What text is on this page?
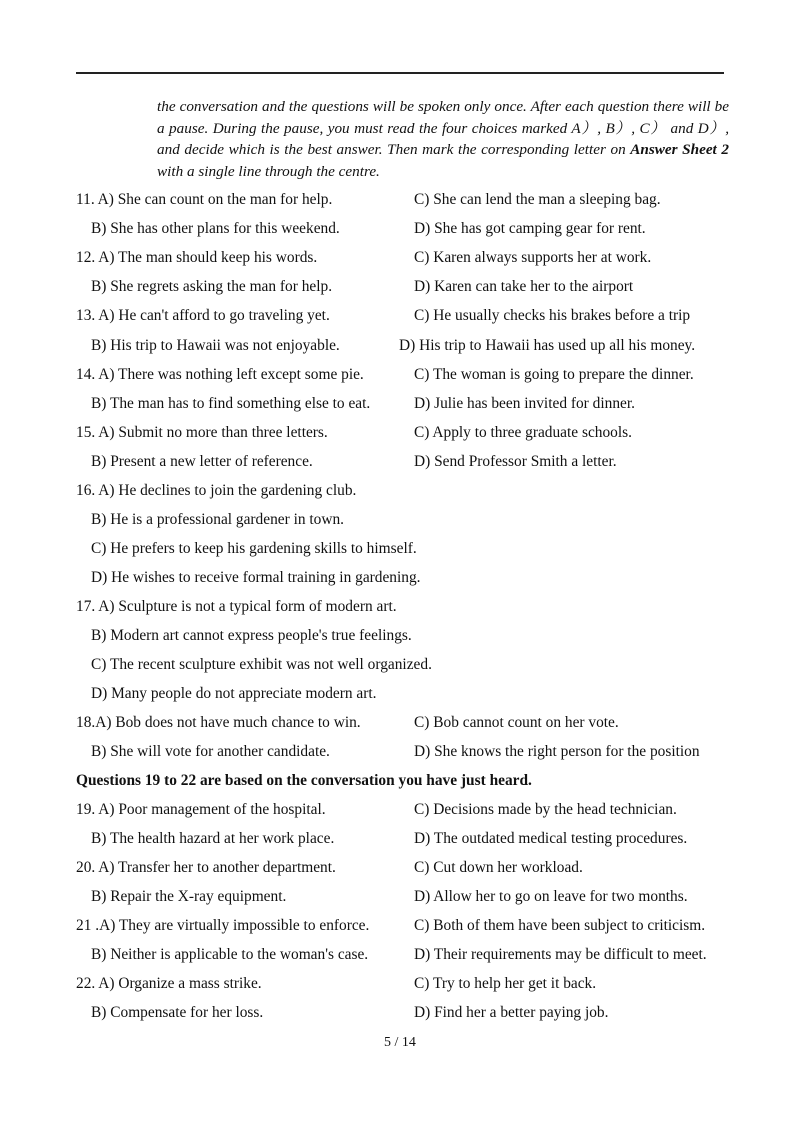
the conversation and the questions will be spoken only once. After each question there will be a pause. During the pause, you must read the four choices marked A）, B）, C） and D）, and decide which is the best answer. Then mark the corresponding letter on Answer Sheet 2 with a single line through the centre.
11. A) She can count on the man for help.	C) She can lend the man a sleeping bag.
B) She has other plans for this weekend.	D) She has got camping gear for rent.
12. A) The man should keep his words.	C) Karen always supports her at work.
B) She regrets asking the man for help.	D) Karen can take her to the airport
13. A) He can't afford to go traveling yet.	C) He usually checks his brakes before a trip
B) His trip to Hawaii was not enjoyable.	D) His trip to Hawaii has used up all his money.
14. A) There was nothing left except some pie.	C) The woman is going to prepare the dinner.
B) The man has to find something else to eat.	D) Julie has been invited for dinner.
15. A) Submit no more than three letters.	C) Apply to three graduate schools.
B) Present a new letter of reference.	D) Send Professor Smith a letter.
16. A) He declines to join the gardening club.
B) He is a professional gardener in town.
C) He prefers to keep his gardening skills to himself.
D) He wishes to receive formal training in gardening.
17. A) Sculpture is not a typical form of modern art.
B) Modern art cannot express people's true feelings.
C) The recent sculpture exhibit was not well organized.
D) Many people do not appreciate modern art.
18.A) Bob does not have much chance to win.	C) Bob cannot count on her vote.
B) She will vote for another candidate.	D) She knows the right person for the position
Questions 19 to 22 are based on the conversation you have just heard.
19. A) Poor management of the hospital.	C) Decisions made by the head technician.
B) The health hazard at her work place.	D) The outdated medical testing procedures.
20. A) Transfer her to another department.	C) Cut down her workload.
B) Repair the X-ray equipment.	D) Allow her to go on leave for two months.
21 .A) They are virtually impossible to enforce.	C) Both of them have been subject to criticism.
B) Neither is applicable to the woman's case.	D) Their requirements may be difficult to meet.
22. A) Organize a mass strike.	C) Try to help her get it back.
B) Compensate for her loss.	D) Find her a better paying job.
5 / 14
